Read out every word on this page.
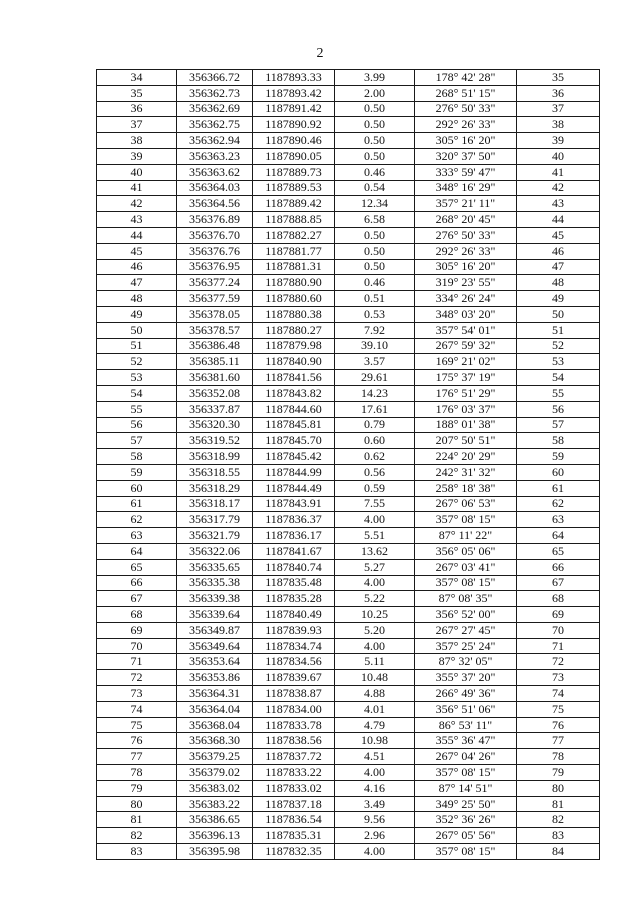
2
34	356366.72	1187893.33	3.99	178° 42' 28"	35
35	356362.73	1187893.42	2.00	268° 51' 15"	36
36	356362.69	1187891.42	0.50	276° 50' 33"	37
37	356362.75	1187890.92	0.50	292° 26' 33"	38
38	356362.94	1187890.46	0.50	305° 16' 20"	39
39	356363.23	1187890.05	0.50	320° 37' 50"	40
40	356363.62	1187889.73	0.46	333° 59' 47"	41
41	356364.03	1187889.53	0.54	348° 16' 29"	42
42	356364.56	1187889.42	12.34	357° 21' 11"	43
43	356376.89	1187888.85	6.58	268° 20' 45"	44
44	356376.70	1187882.27	0.50	276° 50' 33"	45
45	356376.76	1187881.77	0.50	292° 26' 33"	46
46	356376.95	1187881.31	0.50	305° 16' 20"	47
47	356377.24	1187880.90	0.46	319° 23' 55"	48
48	356377.59	1187880.60	0.51	334° 26' 24"	49
49	356378.05	1187880.38	0.53	348° 03' 20"	50
50	356378.57	1187880.27	7.92	357° 54' 01"	51
51	356386.48	1187879.98	39.10	267° 59' 32"	52
52	356385.11	1187840.90	3.57	169° 21' 02"	53
53	356381.60	1187841.56	29.61	175° 37' 19"	54
54	356352.08	1187843.82	14.23	176° 51' 29"	55
55	356337.87	1187844.60	17.61	176° 03' 37"	56
56	356320.30	1187845.81	0.79	188° 01' 38"	57
57	356319.52	1187845.70	0.60	207° 50' 51"	58
58	356318.99	1187845.42	0.62	224° 20' 29"	59
59	356318.55	1187844.99	0.56	242° 31' 32"	60
60	356318.29	1187844.49	0.59	258° 18' 38"	61
61	356318.17	1187843.91	7.55	267° 06' 53"	62
62	356317.79	1187836.37	4.00	357° 08' 15"	63
63	356321.79	1187836.17	5.51	87° 11' 22"	64
64	356322.06	1187841.67	13.62	356° 05' 06"	65
65	356335.65	1187840.74	5.27	267° 03' 41"	66
66	356335.38	1187835.48	4.00	357° 08' 15"	67
67	356339.38	1187835.28	5.22	87° 08' 35"	68
68	356339.64	1187840.49	10.25	356° 52' 00"	69
69	356349.87	1187839.93	5.20	267° 27' 45"	70
70	356349.64	1187834.74	4.00	357° 25' 24"	71
71	356353.64	1187834.56	5.11	87° 32' 05"	72
72	356353.86	1187839.67	10.48	355° 37' 20"	73
73	356364.31	1187838.87	4.88	266° 49' 36"	74
74	356364.04	1187834.00	4.01	356° 51' 06"	75
75	356368.04	1187833.78	4.79	86° 53' 11"	76
76	356368.30	1187838.56	10.98	355° 36' 47"	77
77	356379.25	1187837.72	4.51	267° 04' 26"	78
78	356379.02	1187833.22	4.00	357° 08' 15"	79
79	356383.02	1187833.02	4.16	87° 14' 51"	80
80	356383.22	1187837.18	3.49	349° 25' 50"	81
81	356386.65	1187836.54	9.56	352° 36' 26"	82
82	356396.13	1187835.31	2.96	267° 05' 56"	83
83	356395.98	1187832.35	4.00	357° 08' 15"	84
